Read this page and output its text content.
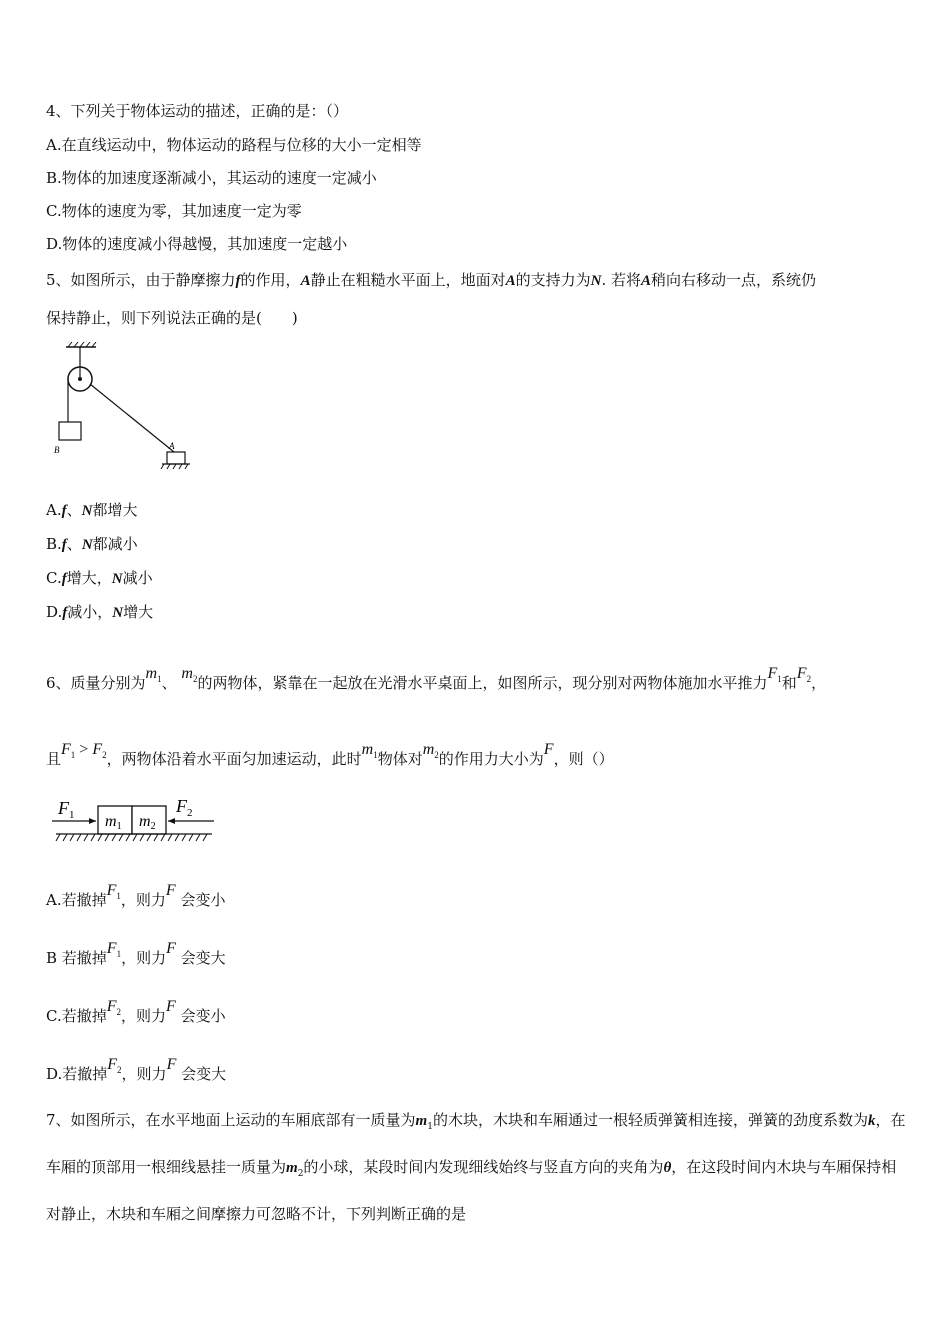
4、下列关于物体运动的描述，正确的是：（）
A.在直线运动中，物体运动的路程与位移的大小一定相等
B.物体的加速度逐渐减小，其运动的速度一定减小
C.物体的速度为零，其加速度一定为零
D.物体的速度减小得越慢，其加速度一定越小
5、如图所示，由于静摩擦力f的作用，A静止在粗糙水平面上，地面对A的支持力为N. 若将A稍向右移动一点，系统仍
保持静止，则下列说法正确的是(　　)
B	A
A.f、N都增大
B.f、N都减小
C.f增大，N减小
D.f减小，N增大
6、质量分别为$m_1$、 $m_2$的两物体，紧靠在一起放在光滑水平桌面上，如图所示，现分别对两物体施加水平推力$F_1$和$F_2$，
且$F_1 > F_2$，两物体沿着水平面匀加速运动，此时$m_1$物体对$m_2$的作用力大小为F，则（）
$F_1$ m1 m2
$F_2$
A.若撤掉$F_1$，则力F 会变小
B 若撤掉$F_1$，则力F 会变大
C.若撤掉$F_2$，则力F 会变小
D.若撤掉$F_2$，则力F 会变大
7、如图所示，在水平地面上运动的车厢底部有一质量为$m_1$的木块，木块和车厢通过一根轻质弹簧相连接，弹簧的劲度系数为k，在车厢的顶部用一根细线悬挂一质量为$m_2$的小球，某段时间内发现细线始终与竖直方向的夹角为θ，在这段时间内木块与车厢保持相对静止，木块和车厢之间摩擦力可忽略不计，下列判断正确的是
